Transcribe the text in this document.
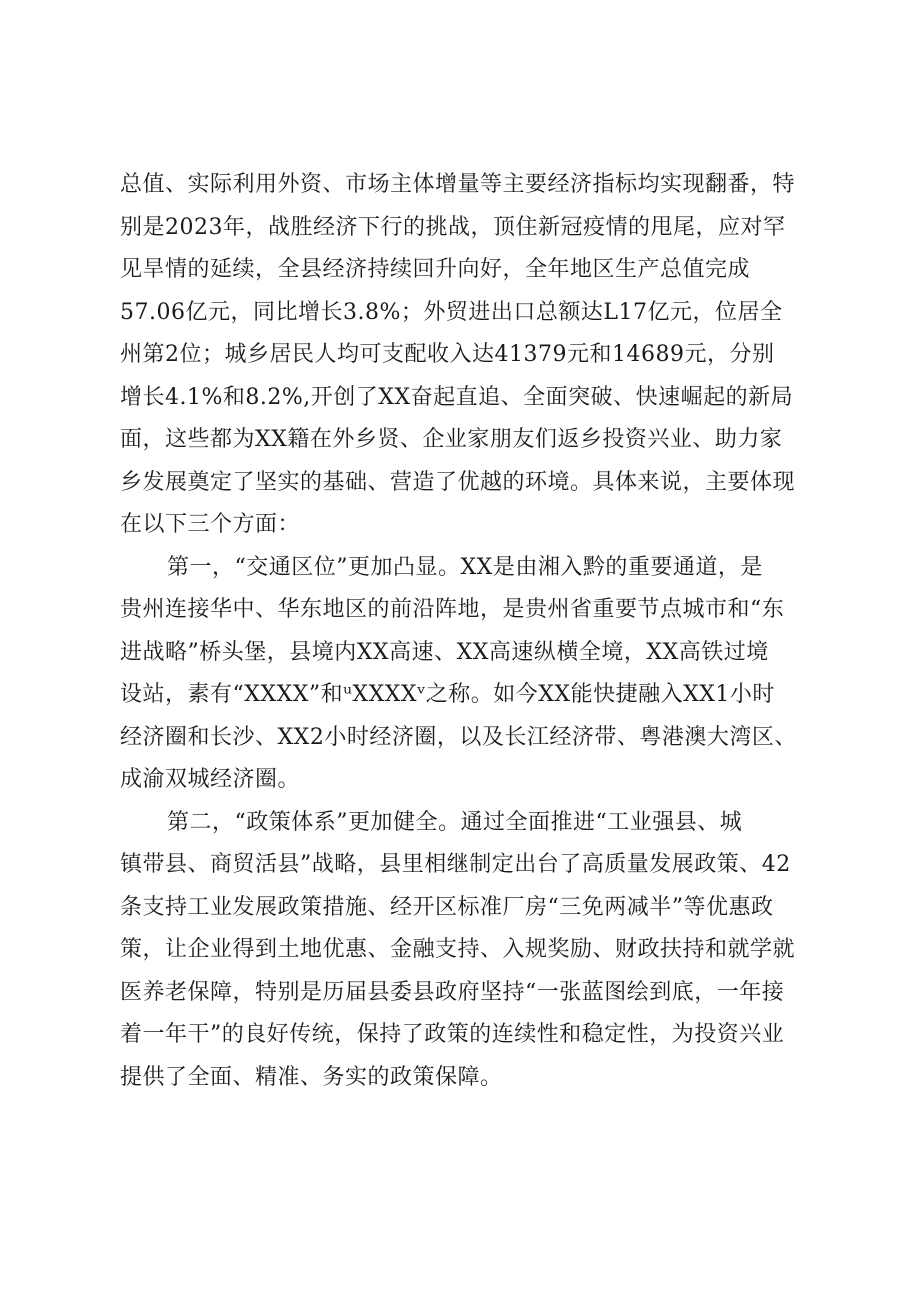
总值、实际利用外资、市场主体增量等主要经济指标均实现翻番，特
别是2023年，战胜经济下行的挑战，顶住新冠疫情的甩尾，应对罕
见旱情的延续，全县经济持续回升向好，全年地区生产总值完成
57.06亿元，同比增长3.8%；外贸进出口总额达L17亿元，位居全
州第2位；城乡居民人均可支配收入达41379元和14689元，分别
增长4.1%和8.2%,开创了XX奋起直追、全面突破、快速崛起的新局
面，这些都为XX籍在外乡贤、企业家朋友们返乡投资兴业、助力家
乡发展奠定了坚实的基础、营造了优越的环境。具体来说，主要体现
在以下三个方面：
第一，“交通区位”更加凸显。XX是由湘入黔的重要通道，是
贵州连接华中、华东地区的前沿阵地，是贵州省重要节点城市和“东
进战略”桥头堡，县境内XX高速、XX高速纵横全境，XX高铁过境
设站，素有“XXXX”和ᵘXXXXᵛ之称。如今XX能快捷融入XX1小时
经济圈和长沙、XX2小时经济圈，以及长江经济带、粤港澳大湾区、
成渝双城经济圈。
第二，“政策体系”更加健全。通过全面推进“工业强县、城
镇带县、商贸活县”战略，县里相继制定出台了高质量发展政策、42
条支持工业发展政策措施、经开区标准厂房“三免两减半”等优惠政
策，让企业得到土地优惠、金融支持、入规奖励、财政扶持和就学就
医养老保障，特别是历届县委县政府坚持“一张蓝图绘到底，一年接
着一年干”的良好传统，保持了政策的连续性和稳定性，为投资兴业
提供了全面、精准、务实的政策保障。
